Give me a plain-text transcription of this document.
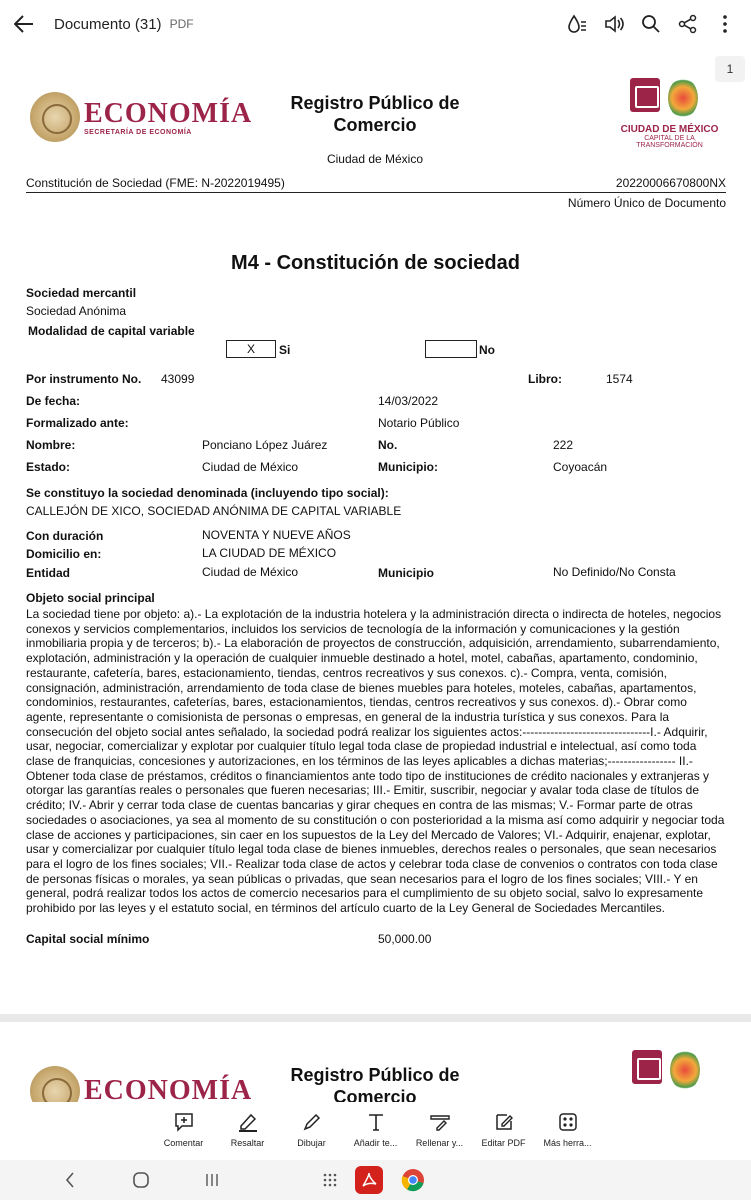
Documento (31) PDF
ECONOMÍA
SECRETARÍA DE ECONOMÍA
Registro Público de Comercio	CIUDAD DE MÉXICO
CAPITAL DE LA TRANSFORMACIÓN
Ciudad de México
Constitución de Sociedad (FME: N-2022019495)	20220006670800NX
Número Único de Documento
M4 - Constitución de sociedad
Sociedad mercantil
Sociedad Anónima
Modalidad de capital variable
X	Si	No
Por instrumento No. 43099	Libro:	1574
De fecha:	14/03/2022
Formalizado ante:	Notario Público
Nombre:	Ponciano López Juárez	No.	222
Estado:	Ciudad de México	Municipio:	Coyoacán
Se constituyo la sociedad denominada (incluyendo tipo social):
CALLEJÓN DE XICO, SOCIEDAD ANÓNIMA DE CAPITAL VARIABLE
Con duración	NOVENTA Y NUEVE AÑOS
Domicilio en:	LA CIUDAD DE MÉXICO
Entidad	Ciudad de México	Municipio	No Definido/No Consta
Objeto social principal
La sociedad tiene por objeto: a).- La explotación de la industria hotelera y la administración directa o indirecta de hoteles, negocios conexos y servicios complementarios, incluidos los servicios de tecnología de la información y comunicaciones y la gestión inmobiliaria propia y de terceros; b).- La elaboración de proyectos de construcción, adquisición, arrendamiento, subarrendamiento, explotación, administración y la operación de cualquier inmueble destinado a hotel, motel, cabañas, apartamento, condominio, restaurante, cafetería, bares, estacionamiento, tiendas, centros recreativos y sus conexos. c).- Compra, venta, comisión, consignación, administración, arrendamiento de toda clase de bienes muebles para hoteles, moteles, cabañas, apartamentos, condominios, restaurantes, cafeterías, bares, estacionamientos, tiendas, centros recreativos y sus conexos. d).- Obrar como agente, representante o comisionista de personas o empresas, en general de la industria turística y sus conexos. Para la consecución del objeto social antes señalado, la sociedad podrá realizar los siguientes actos:--------------------------------I.- Adquirir, usar, negociar, comercializar y explotar por cualquier título legal toda clase de propiedad industrial e intelectual, así como toda clase de franquicias, concesiones y autorizaciones, en los términos de las leyes aplicables a dichas materias;----------------- II.- Obtener toda clase de préstamos, créditos o financiamientos ante todo tipo de instituciones de crédito nacionales y extranjeras y otorgar las garantías reales o personales que fueren necesarias; III.- Emitir, suscribir, negociar y avalar toda clase de títulos de crédito; IV.- Abrir y cerrar toda clase de cuentas bancarias y girar cheques en contra de las mismas; V.- Formar parte de otras sociedades o asociaciones, ya sea al momento de su constitución o con posterioridad a la misma así como adquirir y negociar toda clase de acciones y participaciones, sin caer en los supuestos de la Ley del Mercado de Valores; VI.- Adquirir, enajenar, explotar, usar y comercializar por cualquier título legal toda clase de bienes inmuebles, derechos reales o personales, que sean necesarios para el logro de los fines sociales; VII.- Realizar toda clase de actos y celebrar toda clase de convenios o contratos con toda clase de personas físicas o morales, ya sean públicas o privadas, que sean necesarios para el logro de los fines sociales; VIII.- Y en general, podrá realizar todos los actos de comercio necesarios para el cumplimiento de su objeto social, salvo lo expresamente prohibido por las leyes y el estatuto social, en términos del artículo cuarto de la Ley General de Sociedades Mercantiles.
Capital social mínimo	50,000.00
1
ECONOMÍA	Registro Público de
Comercio
Comentar	Resaltar	Dibujar	Añadir te... Rellenar y... Editar PDF Más herra...
